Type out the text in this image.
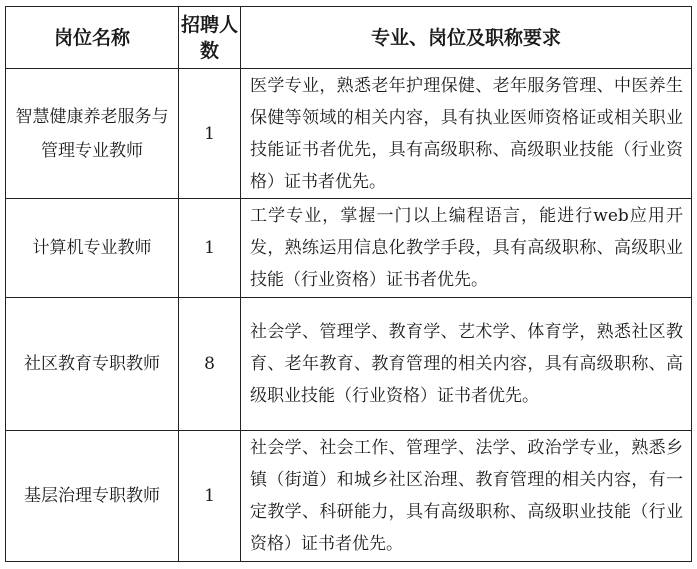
岗位名称	招聘人数	专业、岗位及职称要求
智慧健康养老服务与管理专业教师	1	医学专业，熟悉老年护理保健、老年服务管理、中医养生保健等领域的相关内容，具有执业医师资格证或相关职业技能证书者优先，具有高级职称、高级职业技能（行业资格）证书者优先。
计算机专业教师	1	工学专业，掌握一门以上编程语言，能进行web应用开发，熟练运用信息化教学手段，具有高级职称、高级职业技能（行业资格）证书者优先。
社区教育专职教师	8	社会学、管理学、教育学、艺术学、体育学，熟悉社区教育、老年教育、教育管理的相关内容，具有高级职称、高级职业技能（行业资格）证书者优先。
基层治理专职教师	1	社会学、社会工作、管理学、法学、政治学专业，熟悉乡镇（街道）和城乡社区治理、教育管理的相关内容，有一定教学、科研能力，具有高级职称、高级职业技能（行业资格）证书者优先。
